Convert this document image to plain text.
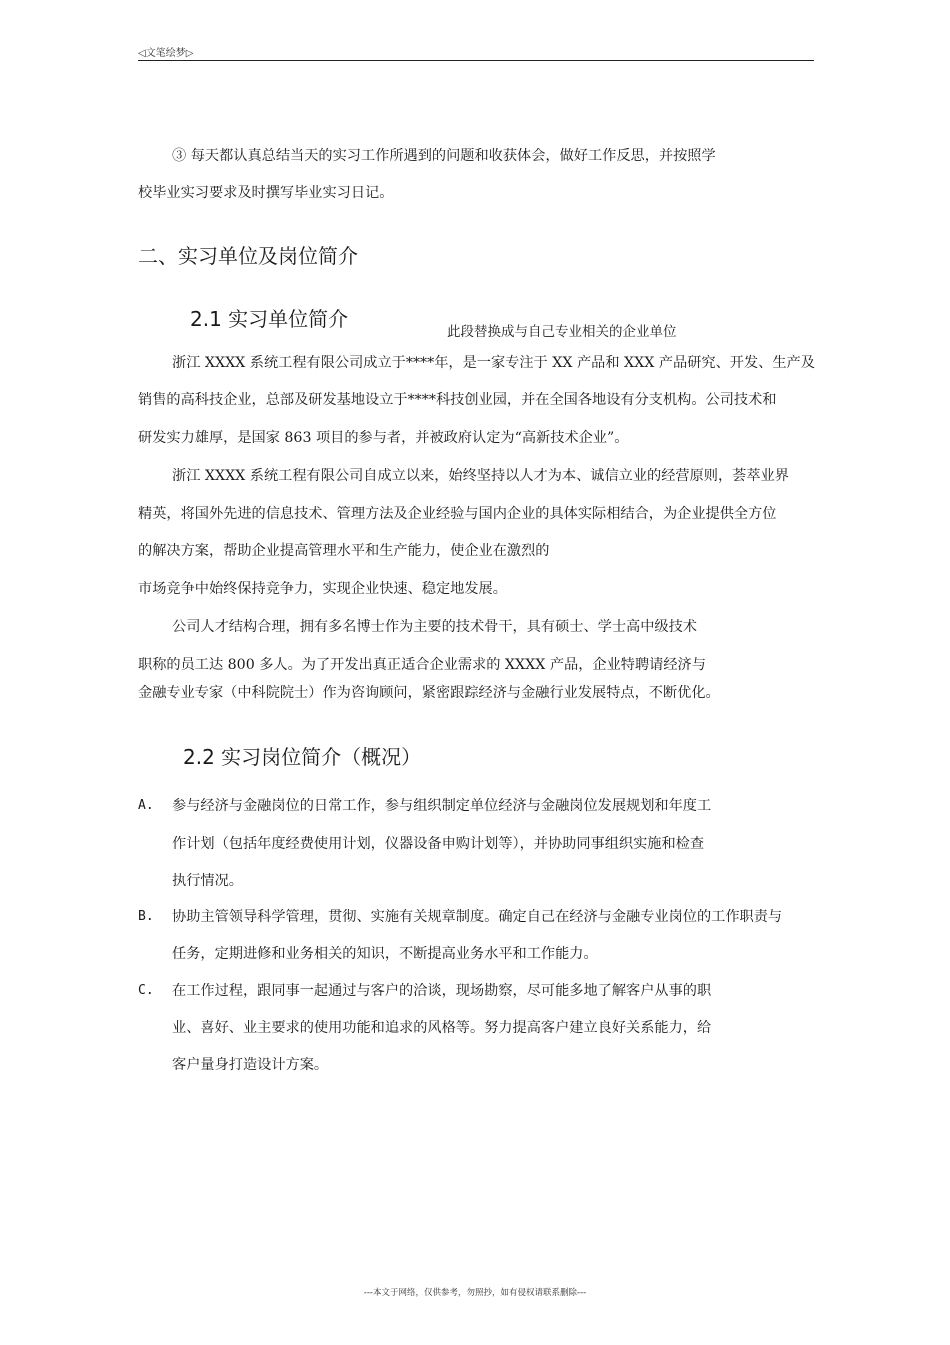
◁文笔绘梦▷
③ 每天都认真总结当天的实习工作所遇到的问题和收获体会，做好工作反思，并按照学
校毕业实习要求及时撰写毕业实习日记。
二、实习单位及岗位简介
2.1 实习单位简介
此段替换成与自己专业相关的企业单位
浙江 XXXX 系统工程有限公司成立于****年，是一家专注于 XX 产品和 XXX 产品研究、开发、生产及
销售的高科技企业，总部及研发基地设立于****科技创业园，并在全国各地设有分支机构。公司技术和
研发实力雄厚，是国家 863 项目的参与者，并被政府认定为“高新技术企业”。
浙江 XXXX 系统工程有限公司自成立以来，始终坚持以人才为本、诚信立业的经营原则，荟萃业界
精英，将国外先进的信息技术、管理方法及企业经验与国内企业的具体实际相结合，为企业提供全方位
的解决方案，帮助企业提高管理水平和生产能力，使企业在激烈的
市场竞争中始终保持竞争力，实现企业快速、稳定地发展。
公司人才结构合理，拥有多名博士作为主要的技术骨干，具有硕士、学士高中级技术
职称的员工达 800 多人。为了开发出真正适合企业需求的 XXXX 产品，企业特聘请经济与
金融专业专家（中科院院士）作为咨询顾问，紧密跟踪经济与金融行业发展特点，不断优化。
2.2 实习岗位简介（概况）
A. 参与经济与金融岗位的日常工作，参与组织制定单位经济与金融岗位发展规划和年度工
作计划（包括年度经费使用计划，仪器设备申购计划等），并协助同事组织实施和检查
执行情况。
B. 协助主管领导科学管理，贯彻、实施有关规章制度。确定自己在经济与金融专业岗位的工作职责与
任务，定期进修和业务相关的知识，不断提高业务水平和工作能力。
C. 在工作过程，跟同事一起通过与客户的洽谈，现场勘察，尽可能多地了解客户从事的职
业、喜好、业主要求的使用功能和追求的风格等。努力提高客户建立良好关系能力，给
客户量身打造设计方案。
---本文于网络，仅供参考，勿照抄，如有侵权请联系删除---
